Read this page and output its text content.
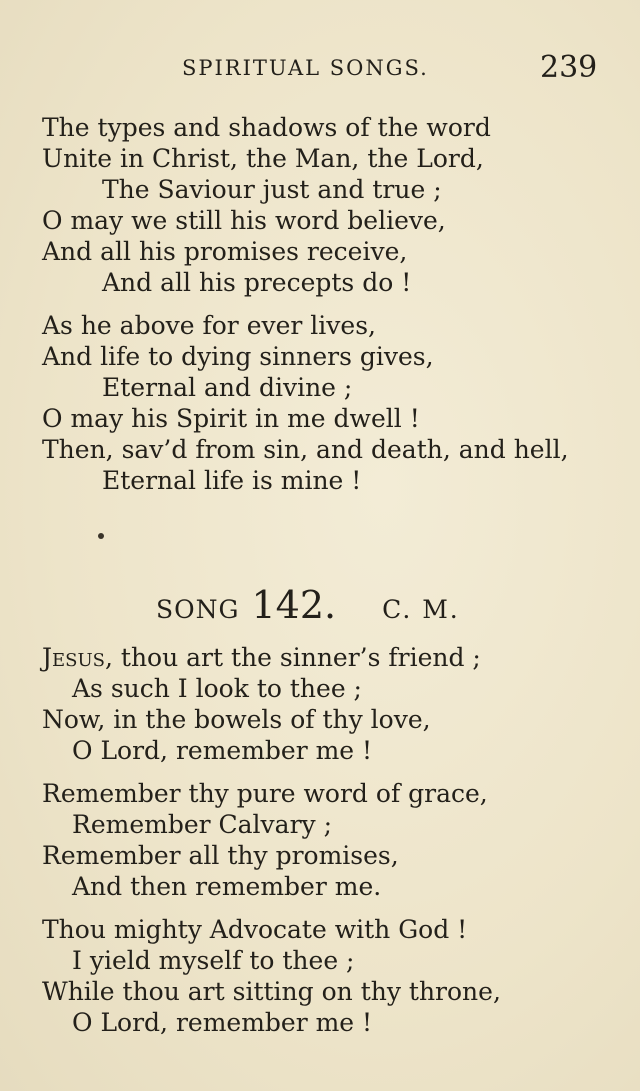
SPIRITUAL SONGS.	239
The types and shadows of the word
Unite in Christ, the Man, the Lord,
The Saviour just and true ;
O may we still his word believe,
And all his promises receive,
And all his precepts do !
As he above for ever lives,
And life to dying sinners gives,
Eternal and divine ;
O may his Spirit in me dwell !
Then, sav’d from sin, and death, and hell,
Eternal life is mine !
SONG 142. C. M.
Jesus, thou art the sinner’s friend ;
As such I look to thee ;
Now, in the bowels of thy love,
O Lord, remember me !
Remember thy pure word of grace,
Remember Calvary ;
Remember all thy promises,
And then remember me.
Thou mighty Advocate with God !
I yield myself to thee ;
While thou art sitting on thy throne,
O Lord, remember me !
